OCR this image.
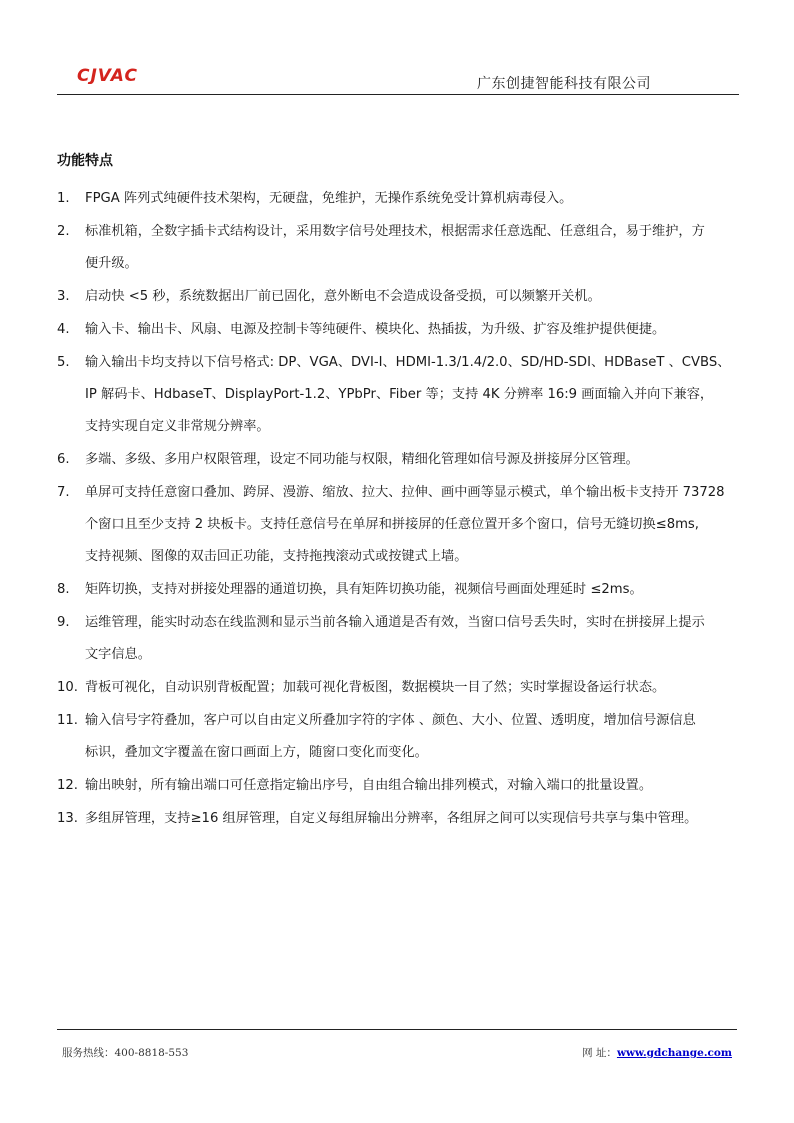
CJVAC	广东创捷智能科技有限公司
功能特点
1.	FPGA 阵列式纯硬件技术架构，无硬盘，免维护，无操作系统免受计算机病毒侵入。
2.	标准机箱，全数字插卡式结构设计，采用数字信号处理技术，根据需求任意选配、任意组合，易于维护，方
便升级。
3.	启动快 <5 秒，系统数据出厂前已固化，意外断电不会造成设备受损，可以频繁开关机。
4.	输入卡、输出卡、风扇、电源及控制卡等纯硬件、模块化、热插拔，为升级、扩容及维护提供便捷。
5.	输入输出卡均支持以下信号格式: DP、VGA、DVI-I、HDMI-1.3/1.4/2.0、SD/HD-SDI、HDBaseT 、CVBS、
IP 解码卡、HdbaseT、DisplayPort-1.2、YPbPr、Fiber 等；支持 4K 分辨率 16:9 画面输入并向下兼容，
支持实现自定义非常规分辨率。
6.	多端、多级、多用户权限管理，设定不同功能与权限，精细化管理如信号源及拼接屏分区管理。
7.	单屏可支持任意窗口叠加、跨屏、漫游、缩放、拉大、拉伸、画中画等显示模式，单个输出板卡支持开 73728
个窗口且至少支持 2 块板卡。支持任意信号在单屏和拼接屏的任意位置开多个窗口，信号无缝切换≤8ms,
支持视频、图像的双击回正功能，支持拖拽滚动式或按键式上墙。
8.	矩阵切换，支持对拼接处理器的通道切换，具有矩阵切换功能，视频信号画面处理延时 ≤2ms。
9.	运维管理，能实时动态在线监测和显示当前各输入通道是否有效，当窗口信号丢失时，实时在拼接屏上提示
文字信息。
10. 背板可视化，自动识别背板配置；加载可视化背板图，数据模块一目了然；实时掌握设备运行状态。
11. 输入信号字符叠加，客户可以自由定义所叠加字符的字体 、颜色、大小、位置、透明度，增加信号源信息
标识，叠加文字覆盖在窗口画面上方，随窗口变化而变化。
12. 输出映射，所有输出端口可任意指定输出序号，自由组合输出排列模式，对输入端口的批量设置。
13. 多组屏管理，支持≥16 组屏管理，自定义每组屏输出分辨率，各组屏之间可以实现信号共享与集中管理。
服务热线：400-8818-553	网 址：www.gdchange.com
